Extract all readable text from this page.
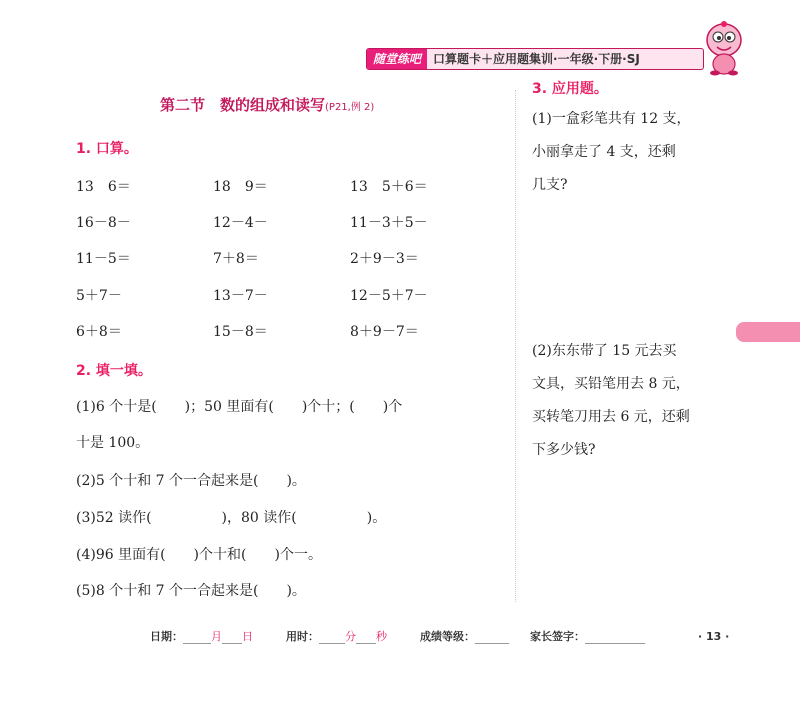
随堂练吧 口算题卡＋应用题集训·一年级·下册·SJ
第二节　数的组成和读写(P21,例 2)
1. 口算。
13　6＝	18　9＝	13　5＋6＝
16－8－	12－4－	11－3＋5－
11－5＝	7＋8＝	2＋9－3＝
5＋7－	13－7－	12－5＋7－
6＋8＝	15－8＝	8＋9－7＝
2. 填一填。
(1)6 个十是(　　)；50 里面有(　　)个十；(　　)个
十是 100。
(2)5 个十和 7 个一合起来是(　　)。
(3)52 读作(　　　　　)，80 读作(　　　　　)。
(4)96 里面有(　　)个十和(　　)个一。
(5)8 个十和 7 个一合起来是(　　)。
3. 应用题。
(1)一盒彩笔共有 12 支，
小丽拿走了 4 支，还剩
几支?
(2)东东带了 15 元去买
文具，买铅笔用去 8 元，
买转笔刀用去 6 元，还剩
下多少钱?
日期：	月 日	用时： 分 秒	成绩等级：	家长签字：	· 13 ·
